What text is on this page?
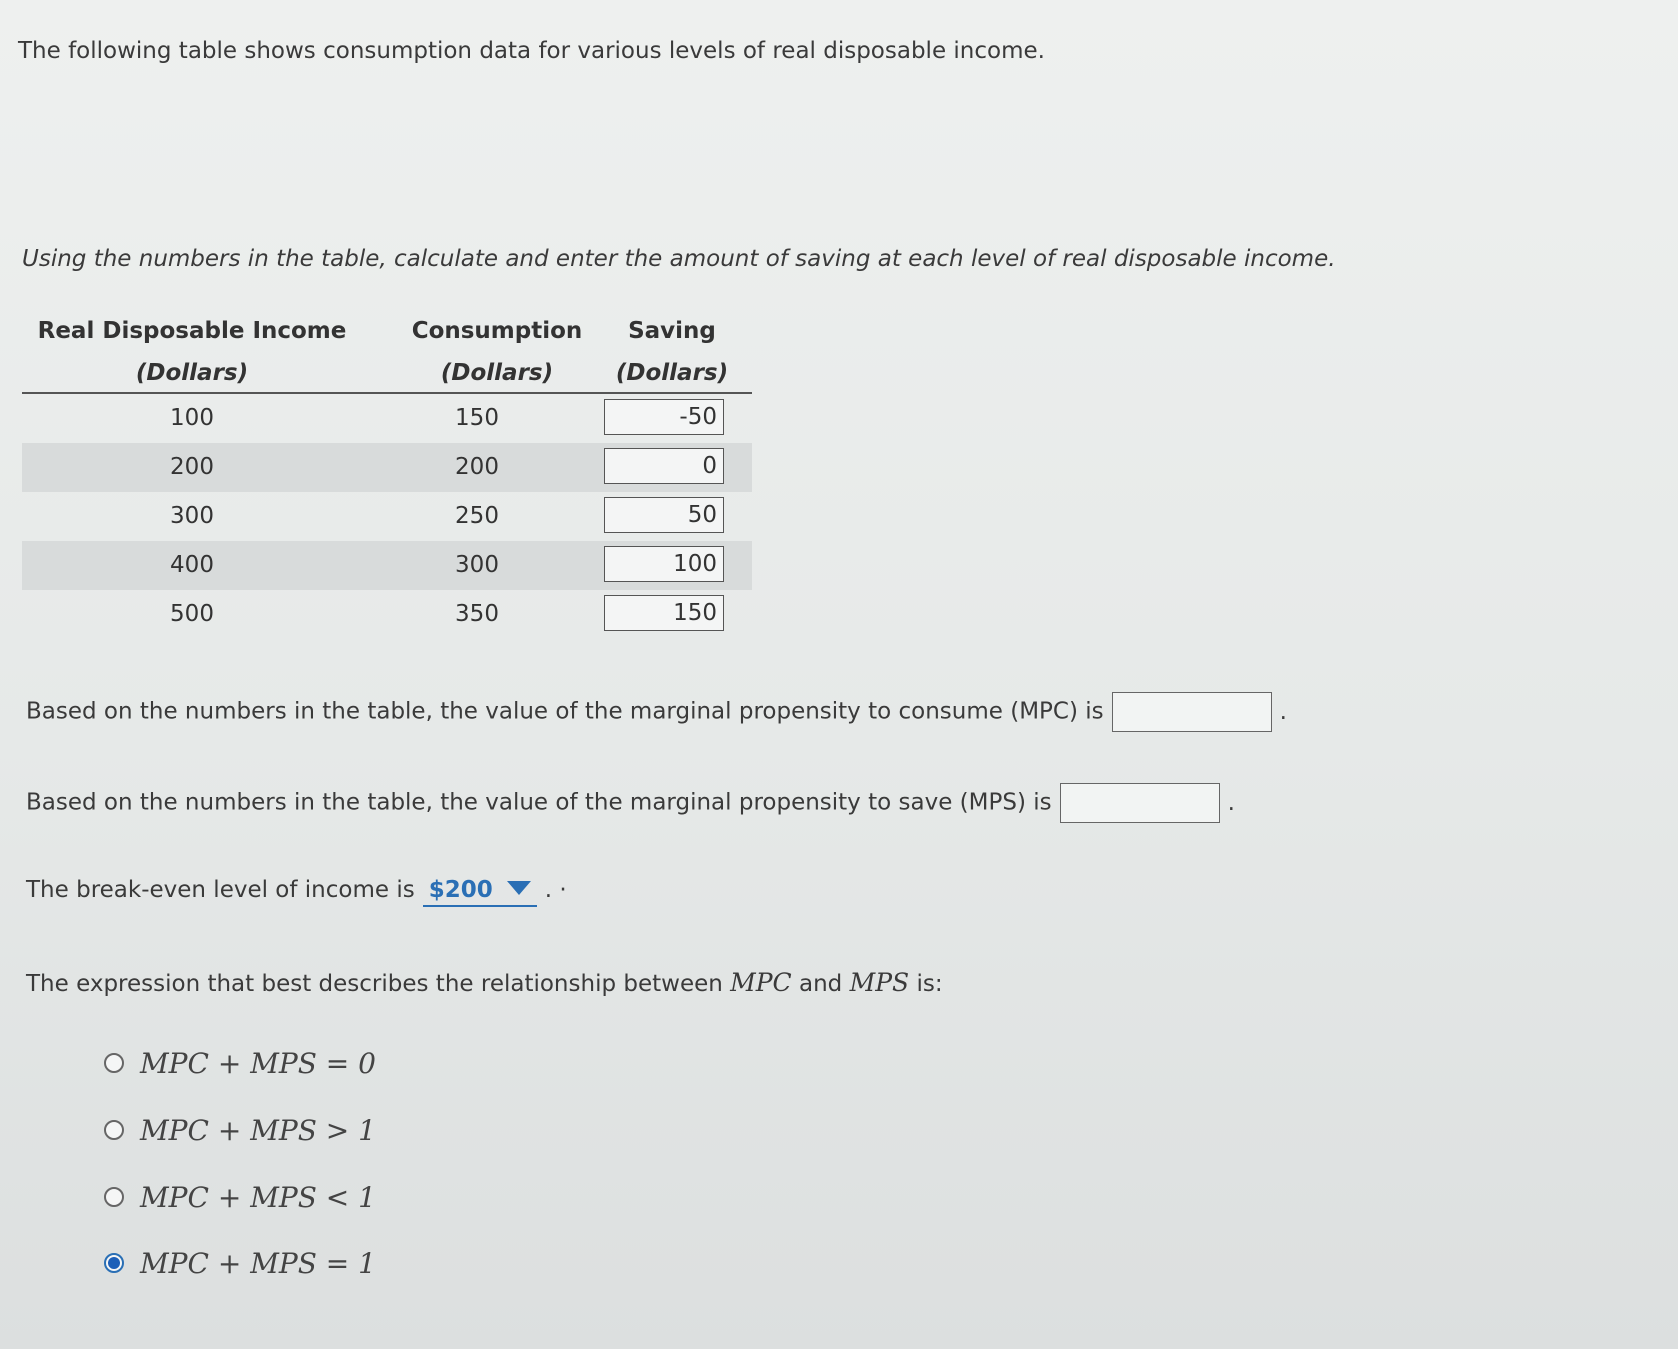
The following table shows consumption data for various levels of real disposable income.
Using the numbers in the table, calculate and enter the amount of saving at each level of real disposable income.
Real Disposable Income
(Dollars)
Consumption
(Dollars)
Saving
(Dollars)
100	150	-50
200	200	0
300	250	50
400	300	100
500	350	150
Based on the numbers in the table, the value of the marginal propensity to consume (MPC) is	.
Based on the numbers in the table, the value of the marginal propensity to save (MPS) is	.
The break-even level of income is $200 . ·
The expression that best describes the relationship between MPC and MPS is:
MPC + MPS = 0
MPC + MPS > 1
MPC + MPS < 1
MPC + MPS = 1
